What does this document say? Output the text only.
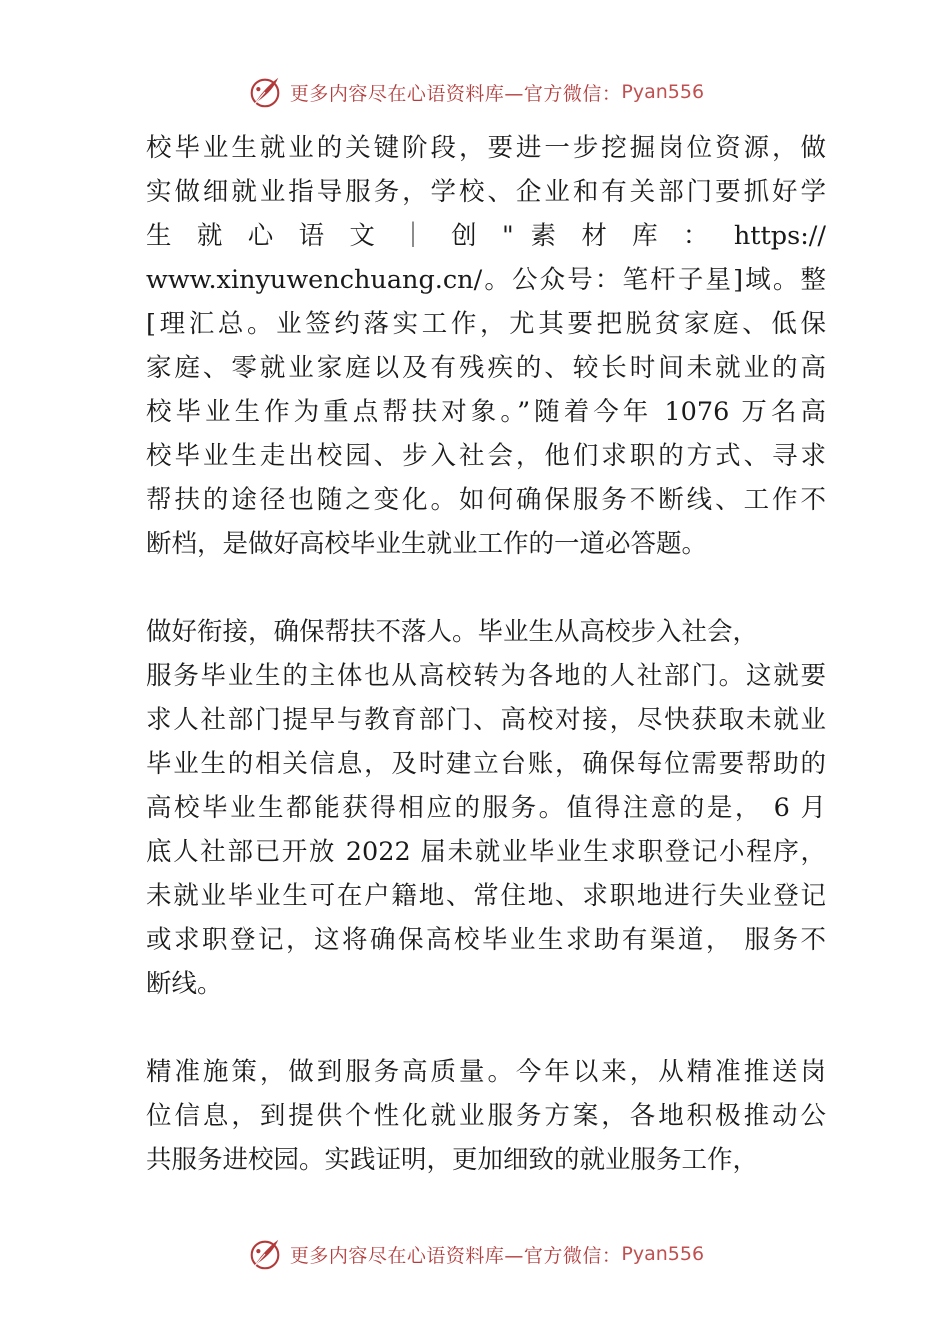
更多内容尽在心语资料库—官方微信： Pyan556
校毕业生就业的关键阶段，要进一步挖掘岗位资源，做
实做细就业指导服务，学校、企业和有关部门要抓好学
生 就 心 语 文 ｜ 创 " 素 材 库 ： https://
www.xinyuwenchuang.cn/。公众号：笔杆子星]域。整
[理汇总。业签约落实工作，尤其要把脱贫家庭、低保
家庭、零就业家庭以及有残疾的、较长时间未就业的高
校毕业生作为重点帮扶对象。”随着今年 1076 万名高
校毕业生走出校园、步入社会，他们求职的方式、寻求
帮扶的途径也随之变化。如何确保服务不断线、工作不
断档，是做好高校毕业生就业工作的一道必答题。
做好衔接，确保帮扶不落人。毕业生从高校步入社会，
服务毕业生的主体也从高校转为各地的人社部门。这就要
求人社部门提早与教育部门、高校对接，尽快获取未就业
毕业生的相关信息，及时建立台账，确保每位需要帮助的
高校毕业生都能获得相应的服务。值得注意的是， 6 月
底人社部已开放 2022 届未就业毕业生求职登记小程序，
未就业毕业生可在户籍地、常住地、求职地进行失业登记
或求职登记，这将确保高校毕业生求助有渠道， 服务不
断线。
精准施策，做到服务高质量。今年以来，从精准推送岗
位信息，到提供个性化就业服务方案，各地积极推动公
共服务进校园。实践证明，更加细致的就业服务工作，
更多内容尽在心语资料库—官方微信： Pyan556
